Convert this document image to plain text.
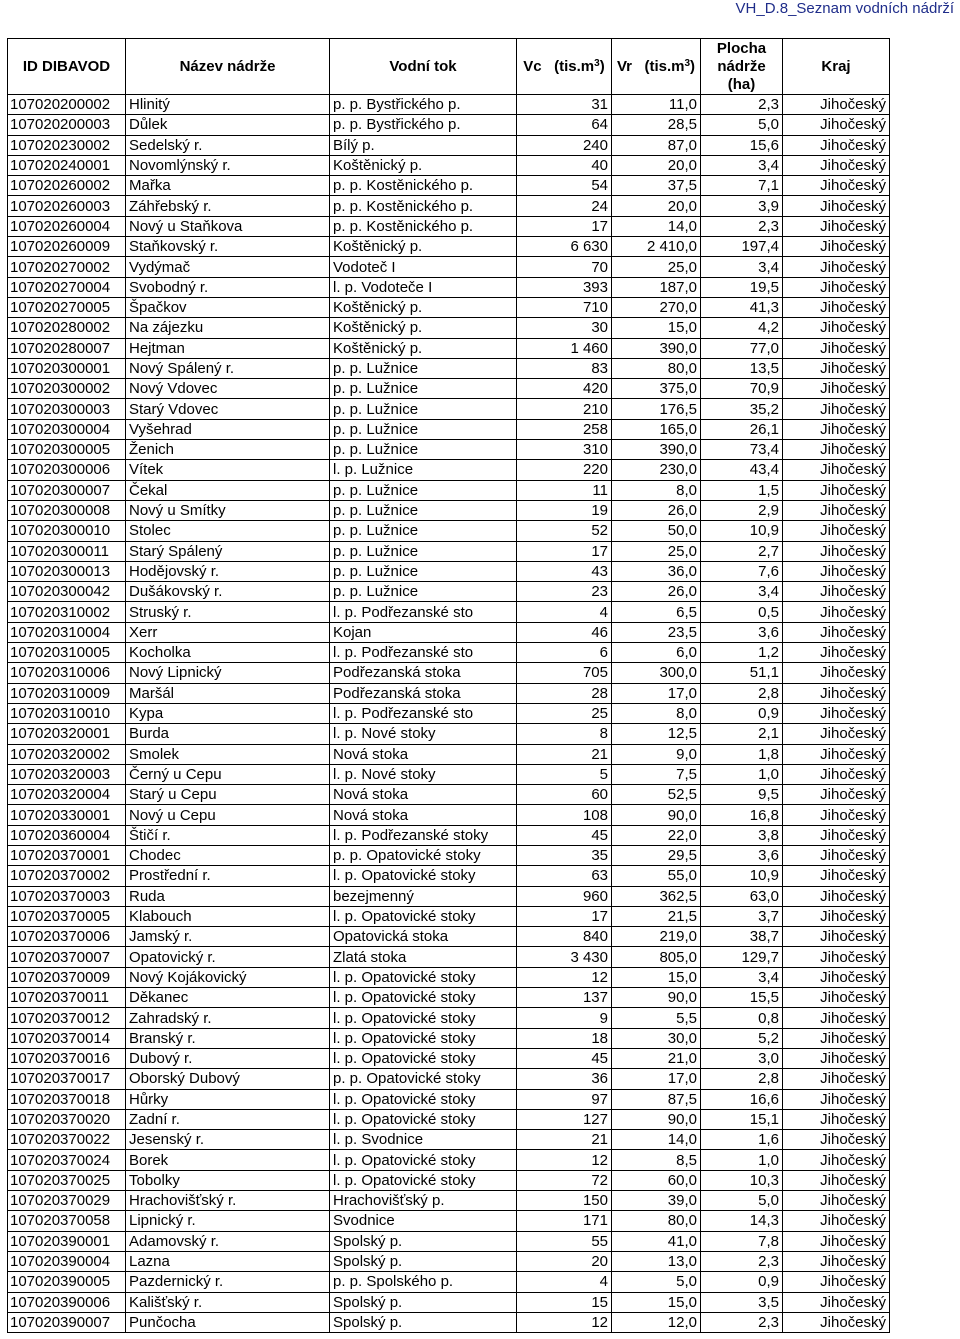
VH_D.8_Seznam vodních nádrží
ID DIBAVOD	Název nádrže	Vodní tok	Vc $(tis.m^3)$	Vr $(tis.m^3)$	Plocha
nádrže
(ha)	Kraj
107020200002	Hlinitý	p. p. Bystřického p.	31	11,0	2,3	Jihočeský
107020200003	Důlek	p. p. Bystřického p.	64	28,5	5,0	Jihočeský
107020230002	Sedelský r.	Bílý p.	240	87,0	15,6	Jihočeský
107020240001	Novomlýnský r.	Koštěnický p.	40	20,0	3,4	Jihočeský
107020260002	Mařka	p. p. Kostěnického p.	54	37,5	7,1	Jihočeský
107020260003	Záhřebský r.	p. p. Kostěnického p.	24	20,0	3,9	Jihočeský
107020260004	Nový u Staňkova	p. p. Kostěnického p.	17	14,0	2,3	Jihočeský
107020260009	Staňkovský r.	Koštěnický p.	6 630	2 410,0	197,4	Jihočeský
107020270002	Vydýmač	Vodoteč I	70	25,0	3,4	Jihočeský
107020270004	Svobodný r.	l. p. Vodoteče I	393	187,0	19,5	Jihočeský
107020270005	Špačkov	Koštěnický p.	710	270,0	41,3	Jihočeský
107020280002	Na zájezku	Koštěnický p.	30	15,0	4,2	Jihočeský
107020280007	Hejtman	Koštěnický p.	1 460	390,0	77,0	Jihočeský
107020300001	Nový Spálený r.	p. p. Lužnice	83	80,0	13,5	Jihočeský
107020300002	Nový Vdovec	p. p. Lužnice	420	375,0	70,9	Jihočeský
107020300003	Starý Vdovec	p. p. Lužnice	210	176,5	35,2	Jihočeský
107020300004	Vyšehrad	p. p. Lužnice	258	165,0	26,1	Jihočeský
107020300005	Ženich	p. p. Lužnice	310	390,0	73,4	Jihočeský
107020300006	Vítek	l. p. Lužnice	220	230,0	43,4	Jihočeský
107020300007	Čekal	p. p. Lužnice	11	8,0	1,5	Jihočeský
107020300008	Nový u Smítky	p. p. Lužnice	19	26,0	2,9	Jihočeský
107020300010	Stolec	p. p. Lužnice	52	50,0	10,9	Jihočeský
107020300011	Starý Spálený	p. p. Lužnice	17	25,0	2,7	Jihočeský
107020300013	Hodějovský r.	p. p. Lužnice	43	36,0	7,6	Jihočeský
107020300042	Dušákovský r.	p. p. Lužnice	23	26,0	3,4	Jihočeský
107020310002	Struský r.	l. p. Podřezanské sto	4	6,5	0,5	Jihočeský
107020310004	Xerr	Kojan	46	23,5	3,6	Jihočeský
107020310005	Kocholka	l. p. Podřezanské sto	6	6,0	1,2	Jihočeský
107020310006	Nový Lipnický	Podřezanská stoka	705	300,0	51,1	Jihočeský
107020310009	Maršál	Podřezanská stoka	28	17,0	2,8	Jihočeský
107020310010	Kypa	l. p. Podřezanské sto	25	8,0	0,9	Jihočeský
107020320001	Burda	l. p. Nové stoky	8	12,5	2,1	Jihočeský
107020320002	Smolek	Nová stoka	21	9,0	1,8	Jihočeský
107020320003	Černý u Cepu	l. p. Nové stoky	5	7,5	1,0	Jihočeský
107020320004	Starý u Cepu	Nová stoka	60	52,5	9,5	Jihočeský
107020330001	Nový u Cepu	Nová stoka	108	90,0	16,8	Jihočeský
107020360004	Štičí r.	l. p. Podřezanské stoky	45	22,0	3,8	Jihočeský
107020370001	Chodec	p. p. Opatovické stoky	35	29,5	3,6	Jihočeský
107020370002	Prostřední r.	l. p. Opatovické stoky	63	55,0	10,9	Jihočeský
107020370003	Ruda	bezejmenný	960	362,5	63,0	Jihočeský
107020370005	Klabouch	l. p. Opatovické stoky	17	21,5	3,7	Jihočeský
107020370006	Jamský r.	Opatovická stoka	840	219,0	38,7	Jihočeský
107020370007	Opatovický r.	Zlatá stoka	3 430	805,0	129,7	Jihočeský
107020370009	Nový Kojákovický	l. p. Opatovické stoky	12	15,0	3,4	Jihočeský
107020370011	Děkanec	l. p. Opatovické stoky	137	90,0	15,5	Jihočeský
107020370012	Zahradský r.	l. p. Opatovické stoky	9	5,5	0,8	Jihočeský
107020370014	Branský r.	l. p. Opatovické stoky	18	30,0	5,2	Jihočeský
107020370016	Dubový r.	l. p. Opatovické stoky	45	21,0	3,0	Jihočeský
107020370017	Oborský Dubový	p. p. Opatovické stoky	36	17,0	2,8	Jihočeský
107020370018	Hůrky	l. p. Opatovické stoky	97	87,5	16,6	Jihočeský
107020370020	Zadní r.	l. p. Opatovické stoky	127	90,0	15,1	Jihočeský
107020370022	Jesenský r.	l. p. Svodnice	21	14,0	1,6	Jihočeský
107020370024	Borek	l. p. Opatovické stoky	12	8,5	1,0	Jihočeský
107020370025	Tobolky	l. p. Opatovické stoky	72	60,0	10,3	Jihočeský
107020370029	Hrachovišťský r.	Hrachovišťský p.	150	39,0	5,0	Jihočeský
107020370058	Lipnický r.	Svodnice	171	80,0	14,3	Jihočeský
107020390001	Adamovský r.	Spolský p.	55	41,0	7,8	Jihočeský
107020390004	Lazna	Spolský p.	20	13,0	2,3	Jihočeský
107020390005	Pazdernický r.	p. p. Spolského p.	4	5,0	0,9	Jihočeský
107020390006	Kališťský r.	Spolský p.	15	15,0	3,5	Jihočeský
107020390007	Punčocha	Spolský p.	12	12,0	2,3	Jihočeský
